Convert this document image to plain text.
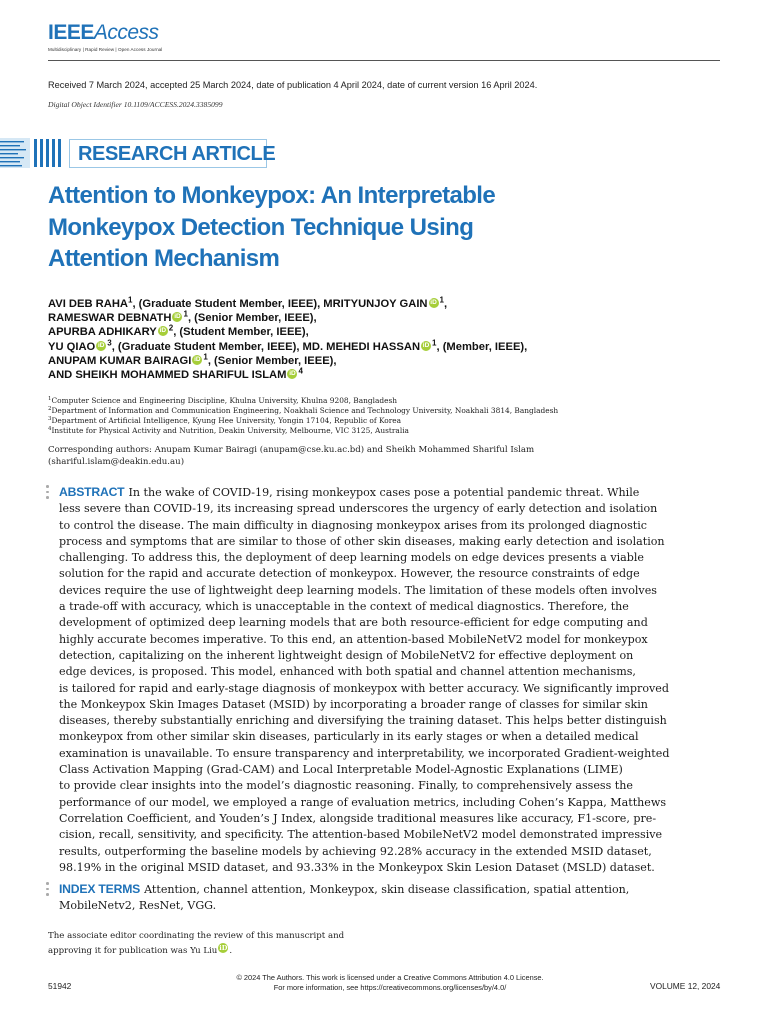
IEEEAccess
Multidisciplinary | Rapid Review | Open Access Journal
Received 7 March 2024, accepted 25 March 2024, date of publication 4 April 2024, date of current version 16 April 2024.
Digital Object Identifier 10.1109/ACCESS.2024.3385099
RESEARCH ARTICLE
Attention to Monkeypox: An Interpretable
Monkeypox Detection Technique Using
Attention Mechanism
AVI DEB RAHA$^1$, (Graduate Student Member, IEEE), MRITYUNJOY GAIN iD $^1$,
RAMESWAR DEBNATH iD $^1$, (Senior Member, IEEE),
APURBA ADHIKARY iD $^2$, (Student Member, IEEE),
YU QIAO iD $^3$, (Graduate Student Member, IEEE), MD. MEHEDI HASSAN iD $^1$, (Member, IEEE),
ANUPAM KUMAR BAIRAGI iD $^1$, (Senior Member, IEEE),
AND SHEIKH MOHAMMED SHARIFUL ISLAM iD $^4$
$^1$Computer Science and Engineering Discipline, Khulna University, Khulna 9208, Bangladesh
$^2$Department of Information and Communication Engineering, Noakhali Science and Technology University, Noakhali 3814, Bangladesh
$^3$Department of Artificial Intelligence, Kyung Hee University, Yongin 17104, Republic of Korea
$^4$Institute for Physical Activity and Nutrition, Deakin University, Melbourne, VIC 3125, Australia
Corresponding authors: Anupam Kumar Bairagi (anupam@cse.ku.ac.bd) and Sheikh Mohammed Shariful Islam
(shariful.islam@deakin.edu.au)
ABSTRACT In the wake of COVID-19, rising monkeypox cases pose a potential pandemic threat. While
less severe than COVID-19, its increasing spread underscores the urgency of early detection and isolation
to control the disease. The main difficulty in diagnosing monkeypox arises from its prolonged diagnostic
process and symptoms that are similar to those of other skin diseases, making early detection and isolation
challenging. To address this, the deployment of deep learning models on edge devices presents a viable
solution for the rapid and accurate detection of monkeypox. However, the resource constraints of edge
devices require the use of lightweight deep learning models. The limitation of these models often involves
a trade-off with accuracy, which is unacceptable in the context of medical diagnostics. Therefore, the
development of optimized deep learning models that are both resource-efficient for edge computing and
highly accurate becomes imperative. To this end, an attention-based MobileNetV2 model for monkeypox
detection, capitalizing on the inherent lightweight design of MobileNetV2 for effective deployment on
edge devices, is proposed. This model, enhanced with both spatial and channel attention mechanisms,
is tailored for rapid and early-stage diagnosis of monkeypox with better accuracy. We significantly improved
the Monkeypox Skin Images Dataset (MSID) by incorporating a broader range of classes for similar skin
diseases, thereby substantially enriching and diversifying the training dataset. This helps better distinguish
monkeypox from other similar skin diseases, particularly in its early stages or when a detailed medical
examination is unavailable. To ensure transparency and interpretability, we incorporated Gradient-weighted
Class Activation Mapping (Grad-CAM) and Local Interpretable Model-Agnostic Explanations (LIME)
to provide clear insights into the model’s diagnostic reasoning. Finally, to comprehensively assess the
performance of our model, we employed a range of evaluation metrics, including Cohen’s Kappa, Matthews
Correlation Coefficient, and Youden’s J Index, alongside traditional measures like accuracy, F1-score, pre-
cision, recall, sensitivity, and specificity. The attention-based MobileNetV2 model demonstrated impressive
results, outperforming the baseline models by achieving 92.28% accuracy in the extended MSID dataset,
98.19% in the original MSID dataset, and 93.33% in the Monkeypox Skin Lesion Dataset (MSLD) dataset.
INDEX TERMS Attention, channel attention, Monkeypox, skin disease classification, spatial attention,
MobileNetv2, ResNet, VGG.
The associate editor coordinating the review of this manuscript and
approving it for publication was Yu Liu iD .
© 2024 The Authors. This work is licensed under a Creative Commons Attribution 4.0 License.
For more information, see https://creativecommons.org/licenses/by/4.0/
51942	VOLUME 12, 2024
